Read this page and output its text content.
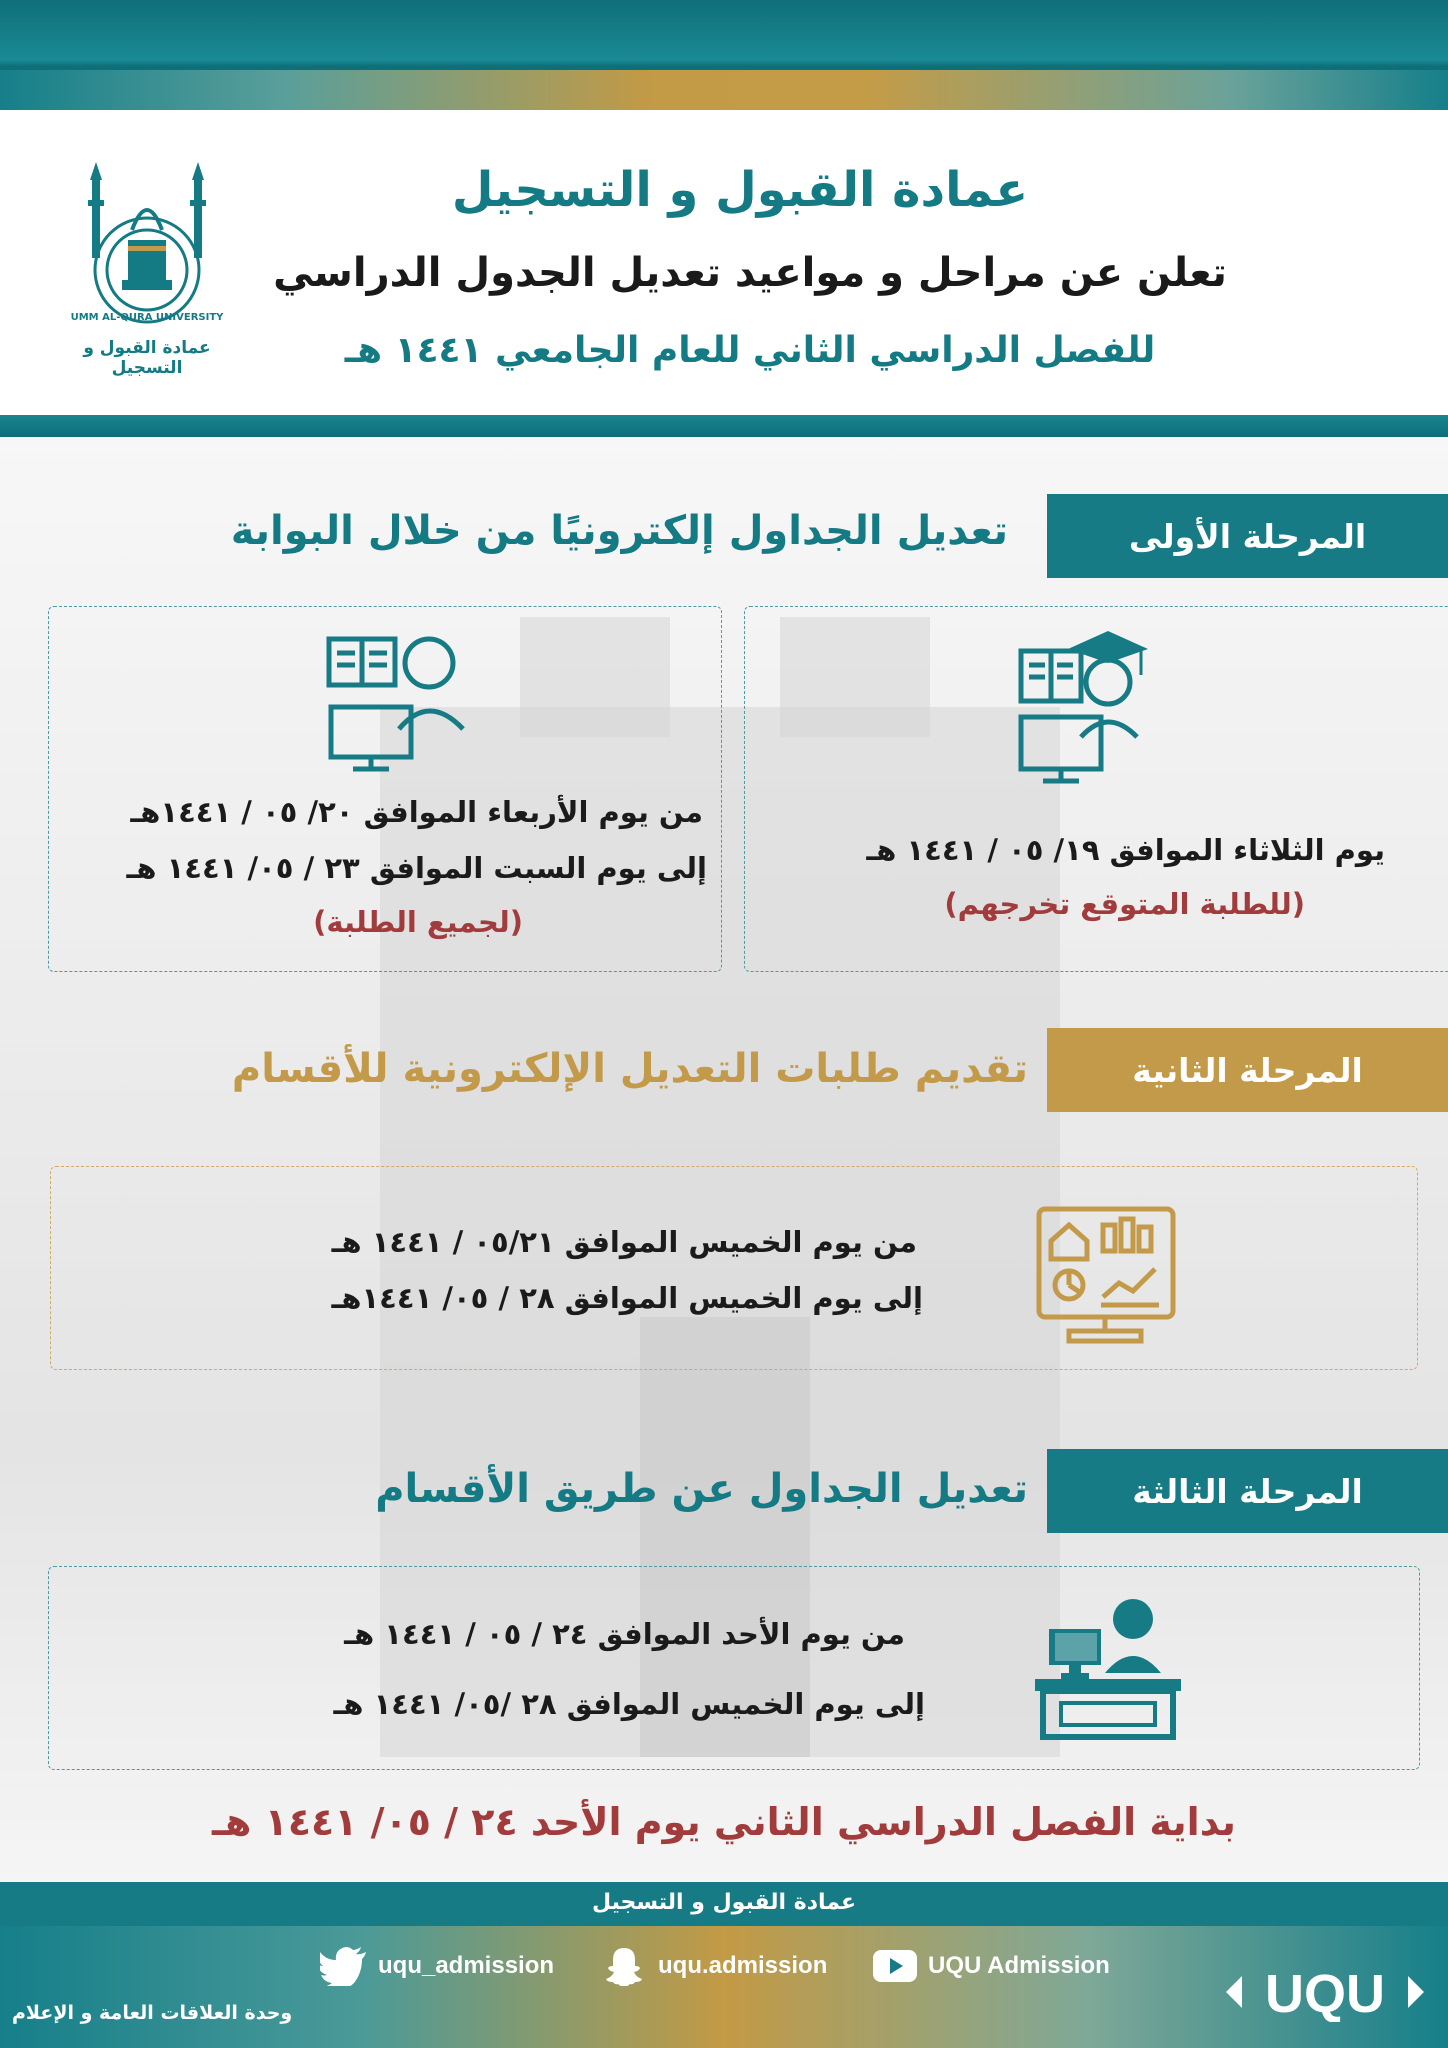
UMM AL-QURA UNIVERSITY
عمادة القبول و التسجيل
عمادة القبول و التسجيل
تعلن عن مراحل و مواعيد تعديل الجدول الدراسي
للفصل الدراسي الثاني للعام الجامعي ١٤٤١ هـ
المرحلة الأولى
تعديل الجداول إلكترونيًا من خلال البوابة
يوم الثلاثاء الموافق ١٩/ ٠٥ / ١٤٤١ هـ
(للطلبة المتوقع تخرجهم)
من يوم الأربعاء الموافق ٢٠/ ٠٥ / ١٤٤١هـ
إلى يوم السبت الموافق ٢٣ / ٠٥/ ١٤٤١ هـ
(لجميع الطلبة)
المرحلة الثانية
تقديم طلبات التعديل الإلكترونية للأقسام
من يوم الخميس الموافق ٠٥/٢١ / ١٤٤١ هـ
إلى يوم الخميس الموافق ٢٨ / ٠٥/ ١٤٤١هـ
المرحلة الثالثة
تعديل الجداول عن طريق الأقسام
من يوم الأحد الموافق ٢٤ / ٠٥ / ١٤٤١ هـ
إلى يوم الخميس الموافق ٢٨ /٠٥/ ١٤٤١ هـ
بداية الفصل الدراسي الثاني يوم الأحد ٢٤ / ٠٥/ ١٤٤١ هـ
عمادة القبول و التسجيل
uqu_admission	uqu.admission	UQU Admission
وحدة العلاقات العامة و الإعلام	UQU
